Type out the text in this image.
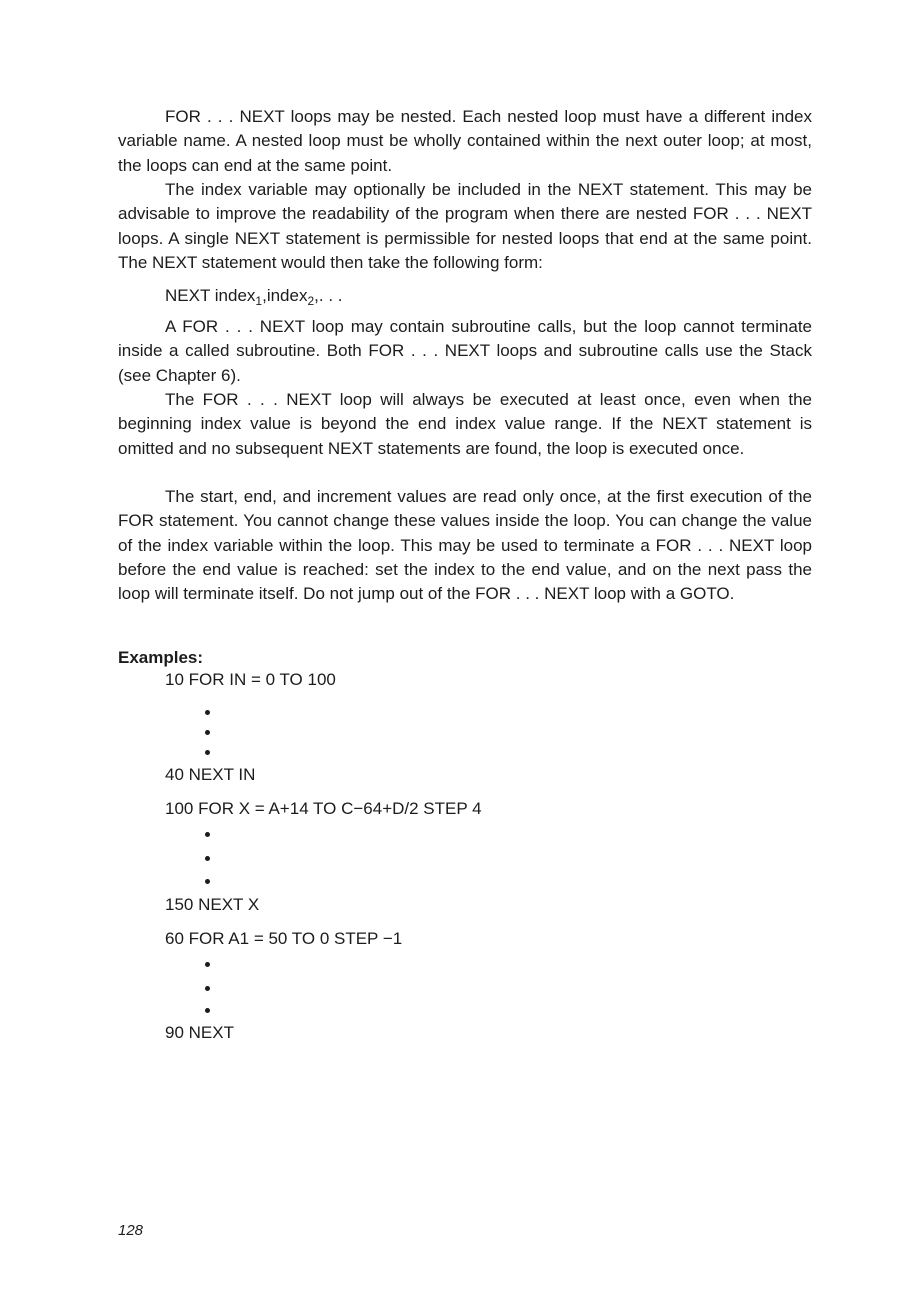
FOR . . . NEXT loops may be nested. Each nested loop must have a different index variable name. A nested loop must be wholly contained within the next outer loop; at most, the loops can end at the same point.

The index variable may optionally be included in the NEXT statement. This may be advisable to improve the readability of the program when there are nested FOR . . . NEXT loops. A single NEXT statement is permissible for nested loops that end at the same point. The NEXT statement would then take the following form:

NEXT index$_1$,index$_2$,. . .

A FOR . . . NEXT loop may contain subroutine calls, but the loop cannot terminate inside a called subroutine. Both FOR . . . NEXT loops and subroutine calls use the Stack (see Chapter 6).

The FOR . . . NEXT loop will always be executed at least once, even when the beginning index value is beyond the end index value range. If the NEXT statement is omitted and no subsequent NEXT statements are found, the loop is executed once.

The start, end, and increment values are read only once, at the first execution of the FOR statement. You cannot change these values inside the loop. You can change the value of the index variable within the loop. This may be used to terminate a FOR . . . NEXT loop before the end value is reached: set the index to the end value, and on the next pass the loop will terminate itself. Do not jump out of the FOR . . . NEXT loop with a GOTO.

Examples:

10 FOR IN = 0 TO 100

40 NEXT IN

100 FOR X = A+14 TO C−64+D/2 STEP 4

150 NEXT X

60 FOR A1 = 50 TO 0 STEP −1

90 NEXT

128
